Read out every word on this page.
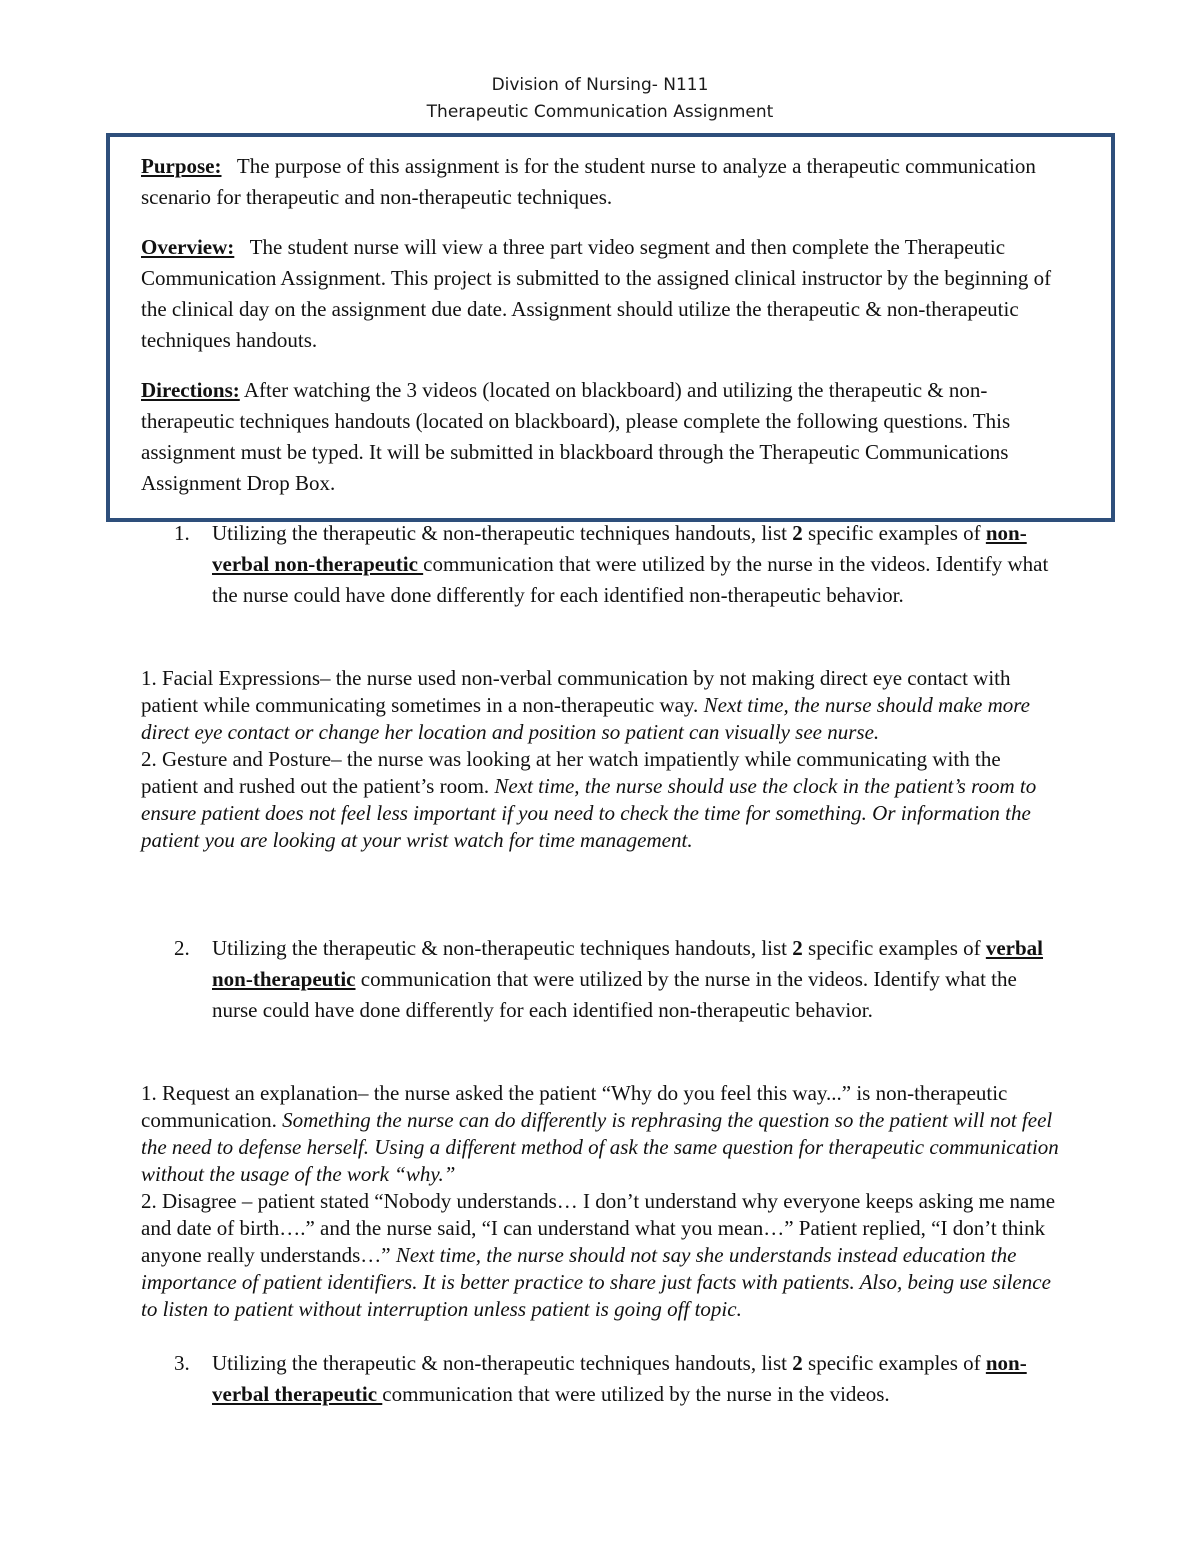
Division of Nursing- N111
Therapeutic Communication Assignment

Purpose: The purpose of this assignment is for the student nurse to analyze a therapeutic communication scenario for therapeutic and non-therapeutic techniques.

Overview: The student nurse will view a three part video segment and then complete the Therapeutic Communication Assignment. This project is submitted to the assigned clinical instructor by the beginning of the clinical day on the assignment due date. Assignment should utilize the therapeutic & non-therapeutic techniques handouts.

Directions: After watching the 3 videos (located on blackboard) and utilizing the therapeutic & non-therapeutic techniques handouts (located on blackboard), please complete the following questions. This assignment must be typed. It will be submitted in blackboard through the Therapeutic Communications Assignment Drop Box.

1.	Utilizing the therapeutic & non-therapeutic techniques handouts, list 2 specific examples of non-verbal non-therapeutic communication that were utilized by the nurse in the videos. Identify what the nurse could have done differently for each identified non-therapeutic behavior.

1. Facial Expressions– the nurse used non-verbal communication by not making direct eye contact with patient while communicating sometimes in a non-therapeutic way. Next time, the nurse should make more direct eye contact or change her location and position so patient can visually see nurse.

2. Gesture and Posture– the nurse was looking at her watch impatiently while communicating with the patient and rushed out the patient’s room. Next time, the nurse should use the clock in the patient’s room to ensure patient does not feel less important if you need to check the time for something. Or information the patient you are looking at your wrist watch for time management.

2.	Utilizing the therapeutic & non-therapeutic techniques handouts, list 2 specific examples of verbal non-therapeutic communication that were utilized by the nurse in the videos. Identify what the nurse could have done differently for each identified non-therapeutic behavior.

1. Request an explanation– the nurse asked the patient “Why do you feel this way...” is non-therapeutic communication. Something the nurse can do differently is rephrasing the question so the patient will not feel the need to defense herself. Using a different method of ask the same question for therapeutic communication without the usage of the work “why.”

2. Disagree – patient stated “Nobody understands… I don’t understand why everyone keeps asking me name and date of birth….” and the nurse said, “I can understand what you mean…” Patient replied, “I don’t think anyone really understands…” Next time, the nurse should not say she understands instead education the importance of patient identifiers. It is better practice to share just facts with patients. Also, being use silence to listen to patient without interruption unless patient is going off topic.

3.	Utilizing the therapeutic & non-therapeutic techniques handouts, list 2 specific examples of non-verbal therapeutic communication that were utilized by the nurse in the videos.
